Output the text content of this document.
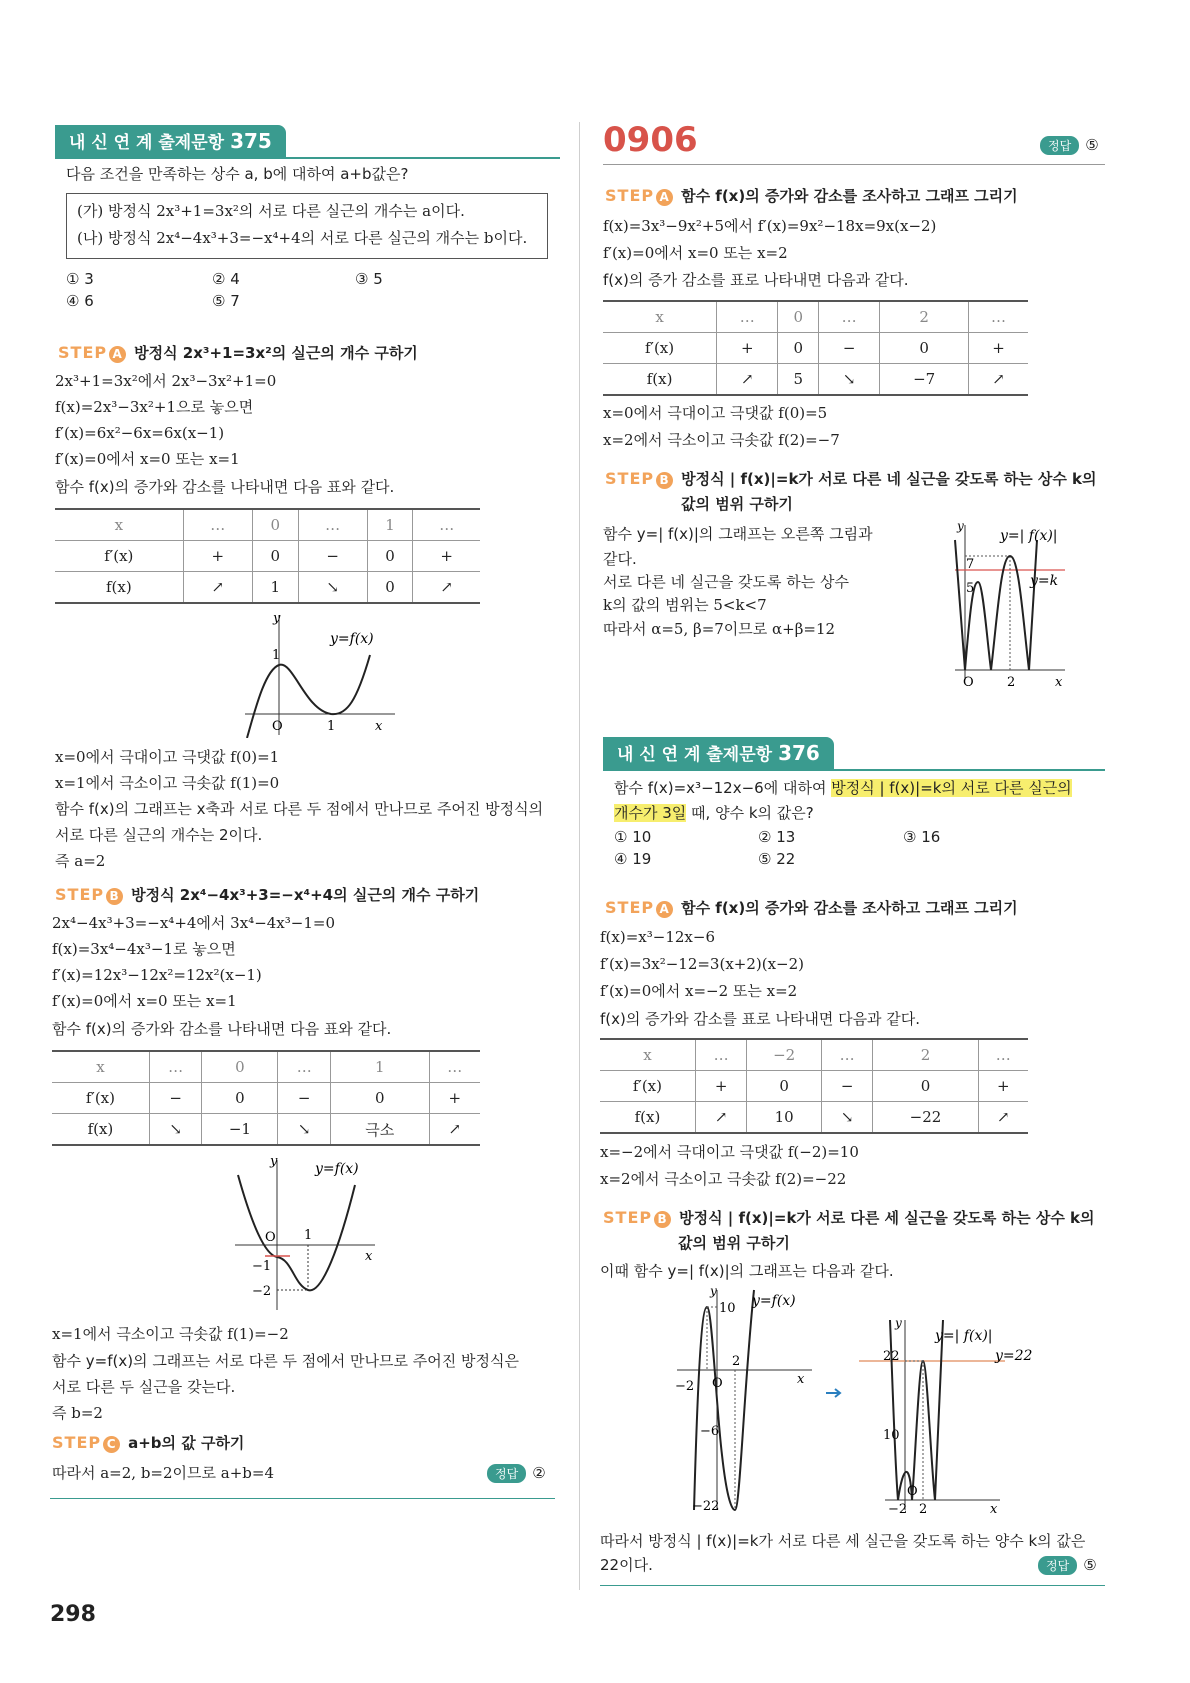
내 신 연 계 출제문항 375
다음 조건을 만족하는 상수 a, b에 대하여 a+b값은?
(가) 방정식 2x³+1=3x²의 서로 다른 실근의 개수는 a이다.
(나) 방정식 2x⁴−4x³+3=−x⁴+4의 서로 다른 실근의 개수는 b이다.
① 3	② 4	③ 5
④ 6	⑤ 7
STEP A 방정식 2x³+1=3x²의 실근의 개수 구하기
2x³+1=3x²에서 2x³−3x²+1=0
f(x)=2x³−3x²+1으로 놓으면
f′(x)=6x²−6x=6x(x−1)
f′(x)=0에서 x=0 또는 x=1
함수 f(x)의 증가와 감소를 나타내면 다음 표와 같다.
x	…	0	…	1	…
f′(x)	+	0	−	0	+
f(x)	↗	1	↘	0	↗
1
O	1	x
y
y=f(x)
x=0에서 극대이고 극댓값 f(0)=1
x=1에서 극소이고 극솟값 f(1)=0
함수 f(x)의 그래프는 x축과 서로 다른 두 점에서 만나므로 주어진 방정식의
서로 다른 실근의 개수는 2이다.
즉 a=2
STEP B 방정식 2x⁴−4x³+3=−x⁴+4의 실근의 개수 구하기
2x⁴−4x³+3=−x⁴+4에서 3x⁴−4x³−1=0
f(x)=3x⁴−4x³−1로 놓으면
f′(x)=12x³−12x²=12x²(x−1)
f′(x)=0에서 x=0 또는 x=1
함수 f(x)의 증가와 감소를 나타내면 다음 표와 같다.
x	…	0	…	1	…
f′(x)	−	0	−	0	+
f(x)	↘	−1	↘	극소	↗
y
O 1
x
−1
−2
y=f(x)
x=1에서 극소이고 극솟값 f(1)=−2
함수 y=f(x)의 그래프는 서로 다른 두 점에서 만나므로 주어진 방정식은
서로 다른 두 실근을 갖는다.
즉 b=2
STEP C a+b의 값 구하기
따라서 a=2, b=2이므로 a+b=4	정답 ②
0906	정답 ⑤
STEP A 함수 f(x)의 증가와 감소를 조사하고 그래프 그리기
f(x)=3x³−9x²+5에서 f′(x)=9x²−18x=9x(x−2)
f′(x)=0에서 x=0 또는 x=2
f(x)의 증가 감소를 표로 나타내면 다음과 같다.
x	…	0	…	2	…
f′(x)	+	0	−	0	+
f(x)	↗	5	↘	−7	↗
x=0에서 극대이고 극댓값 f(0)=5
x=2에서 극소이고 극솟값 f(2)=−7
STEP B 방정식 | f(x)|=k가 서로 다른 네 실근을 갖도록 하는 상수 k의
값의 범위 구하기
함수 y=| f(x)|의 그래프는 오른쪽 그림과
같다.
서로 다른 네 실근을 갖도록 하는 상수
k의 값의 범위는 5<k<7
따라서 α=5, β=7이므로 α+β=12
7
5
O	2	x
y
y=| f(x)|
y=k
내 신 연 계 출제문항 376
함수 f(x)=x³−12x−6에 대하여 방정식 | f(x)|=k의 서로 다른 실근의
개수가 3일 때, 양수 k의 값은?
① 10	② 13	③ 16
④ 19	⑤ 22
STEP A 함수 f(x)의 증가와 감소를 조사하고 그래프 그리기
f(x)=x³−12x−6
f′(x)=3x²−12=3(x+2)(x−2)
f′(x)=0에서 x=−2 또는 x=2
f(x)의 증가와 감소를 표로 나타내면 다음과 같다.
x	…	−2	…	2	…
f′(x)	+	0	−	0	+
f(x)	↗	10	↘	−22	↗
x=−2에서 극대이고 극댓값 f(−2)=10
x=2에서 극소이고 극솟값 f(2)=−22
STEP B 방정식 | f(x)|=k가 서로 다른 세 실근을 갖도록 하는 상수 k의
값의 범위 구하기
이때 함수 y=| f(x)|의 그래프는 다음과 같다.
y
10
−2 O
2
x
−6
−22
y=f(x)
y
22
10
−2
O
2	x
y=| f(x)|
y=22
따라서 방정식 | f(x)|=k가 서로 다른 세 실근을 갖도록 하는 양수 k의 값은
22이다.	정답 ⑤
298
